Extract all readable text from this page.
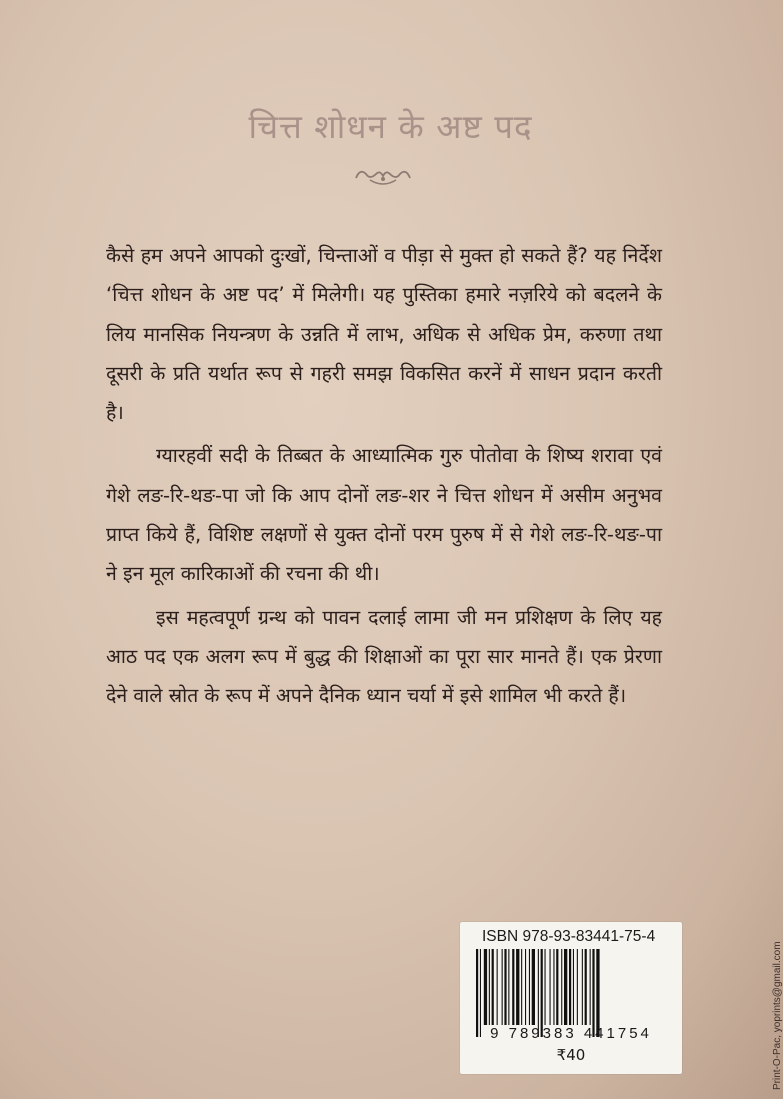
चित्त शोधन के अष्ट पद

कैसे हम अपने आपको दुःखों, चिन्ताओं व पीड़ा से मुक्त हो सकते हैं? यह निर्देश ‘चित्त शोधन के अष्ट पद’ में मिलेगी। यह पुस्तिका हमारे नज़रिये को बदलने के लिय मानसिक नियन्त्रण के उन्नति में लाभ, अधिक से अधिक प्रेम, करुणा तथा दूसरी के प्रति यर्थात रूप से गहरी समझ विकसित करनें में साधन प्रदान करती है।

ग्यारहवीं सदी के तिब्बत के आध्यात्मिक गुरु पोतोवा के शिष्य शरावा एवं गेशे लङ-रि-थङ-पा जो कि आप दोनों लङ-शर ने चित्त शोधन में असीम अनुभव प्राप्त किये हैं, विशिष्ट लक्षणों से युक्त दोनों परम पुरुष में से गेशे लङ-रि-थङ-पा ने इन मूल कारिकाओं की रचना की थी।

इस महत्वपूर्ण ग्रन्थ को पावन दलाई लामा जी मन प्रशिक्षण के लिए यह आठ पद एक अलग रूप में बुद्ध की शिक्षाओं का पूरा सार मानते हैं। एक प्रेरणा देने वाले स्रोत के रूप में अपने दैनिक ध्यान चर्या में इसे शामिल भी करते हैं।

ISBN 978-93-83441-75-4
9 789383 441754
₹40	Print-O-Pac, yoprints@gmail.com
